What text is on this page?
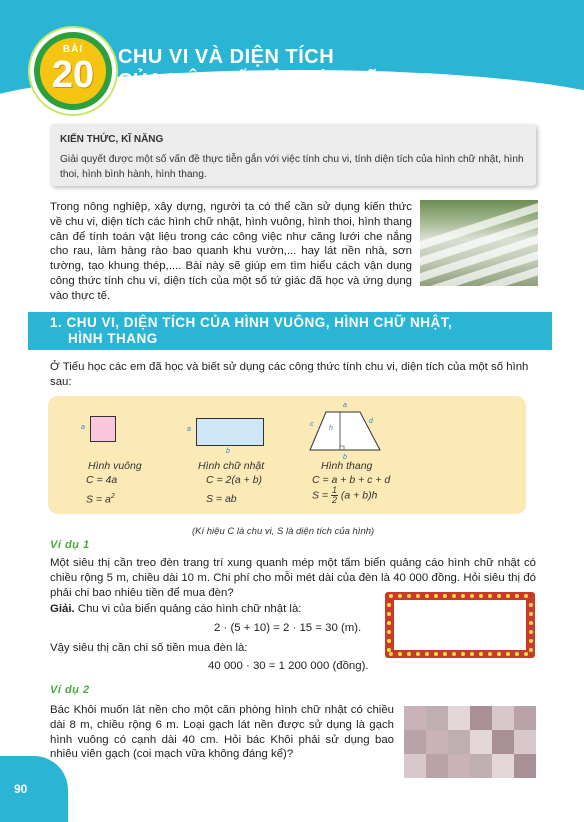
BÀI
20	CHU VI VÀ DIỆN TÍCH
CỦA MỘT SỐ TỨ GIÁC ĐÃ HỌC
KIẾN THỨC, KĨ NĂNG
Giải quyết được một số vấn đề thực tiễn gắn với việc tính chu vi, tính diện tích của hình chữ nhật, hình thoi, hình bình hành, hình thang.
Trong nông nghiệp, xây dựng, người ta có thể cần sử dụng kiến thức về chu vi, diện tích các hình chữ nhật, hình vuông, hình thoi, hình thang cân để tính toán vật liệu trong các công việc như căng lưới che nắng cho rau, làm hàng rào bao quanh khu vườn,... hay lát nền nhà, sơn tường, tạo khung thép,.... Bài này sẽ giúp em tìm hiểu cách vận dụng công thức tính chu vi, diện tích của một số tứ giác đã học và ứng dụng vào thực tế.
1. CHU VI, DIỆN TÍCH CỦA HÌNH VUÔNG, HÌNH CHỮ NHẬT,
HÌNH THANG
Ở Tiểu học các em đã học và biết sử dụng các công thức tính chu vi, diện tích của một số hình sau:
a	a
b
a
b
c	d
h
Hình vuông	Hình chữ nhật	Hình thang
C = 4a	C = 2(a + b)	C = a + b + c + d
$S = a^2$	S = ab	$S = \frac{1}{2} (a + b)h$
(Kí hiệu C là chu vi, S là diện tích của hình)
Ví dụ 1
Một siêu thị cần treo đèn trang trí xung quanh mép một tấm biển quảng cáo hình chữ nhật có chiều rộng 5 m, chiều dài 10 m. Chi phí cho mỗi mét dài của đèn là 40 000 đồng. Hỏi siêu thị đó phải chi bao nhiêu tiền để mua đèn?
Giải. Chu vi của biển quảng cáo hình chữ nhật là:
2 · (5 + 10) = 2 · 15 = 30 (m).
Vậy siêu thị cần chi số tiền mua đèn là:
40 000 · 30 = 1 200 000 (đồng).
Ví dụ 2
Bác Khôi muốn lát nền cho một căn phòng hình chữ nhật có chiều dài 8 m, chiều rộng 6 m. Loại gạch lát nền được sử dụng là gạch hình vuông có cạnh dài 40 cm. Hỏi bác Khôi phải sử dụng bao nhiêu viên gạch (coi mạch vữa không đáng kể)?
90
